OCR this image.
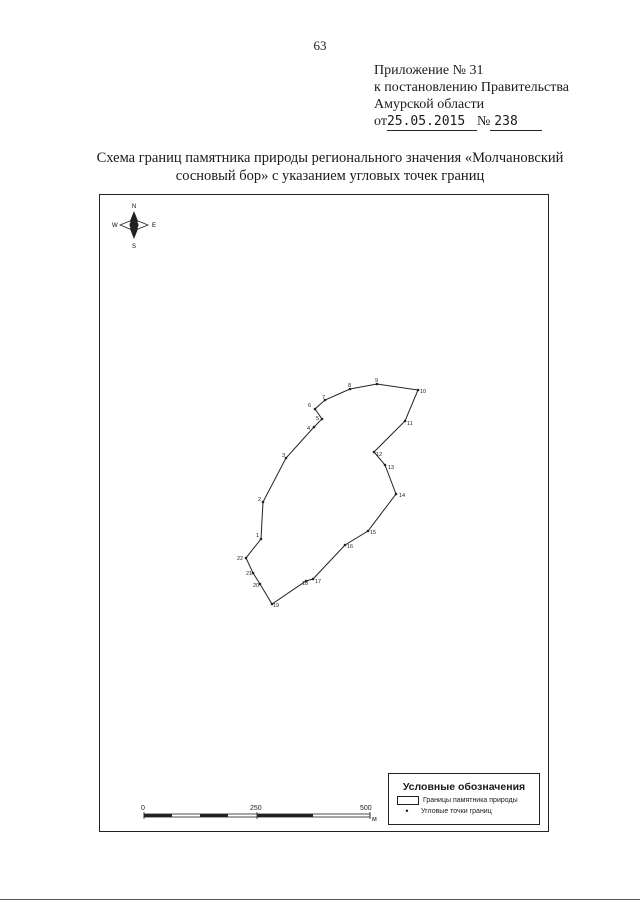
63
Приложение № 31
к постановлению Правительства
Амурской области
от25.05.2015 № 238
Схема границ памятника природы регионального значения «Молчановский
сосновый бор» с указанием угловых точек границ
N
S
E
W
1
2
3
4
5
6
7
8
9
10
11
12
13
14
15
16
17
18
19
20
21
22
0	250	500
м
Условные обозначения
Границы памятника природы
•	Угловые точки границ
